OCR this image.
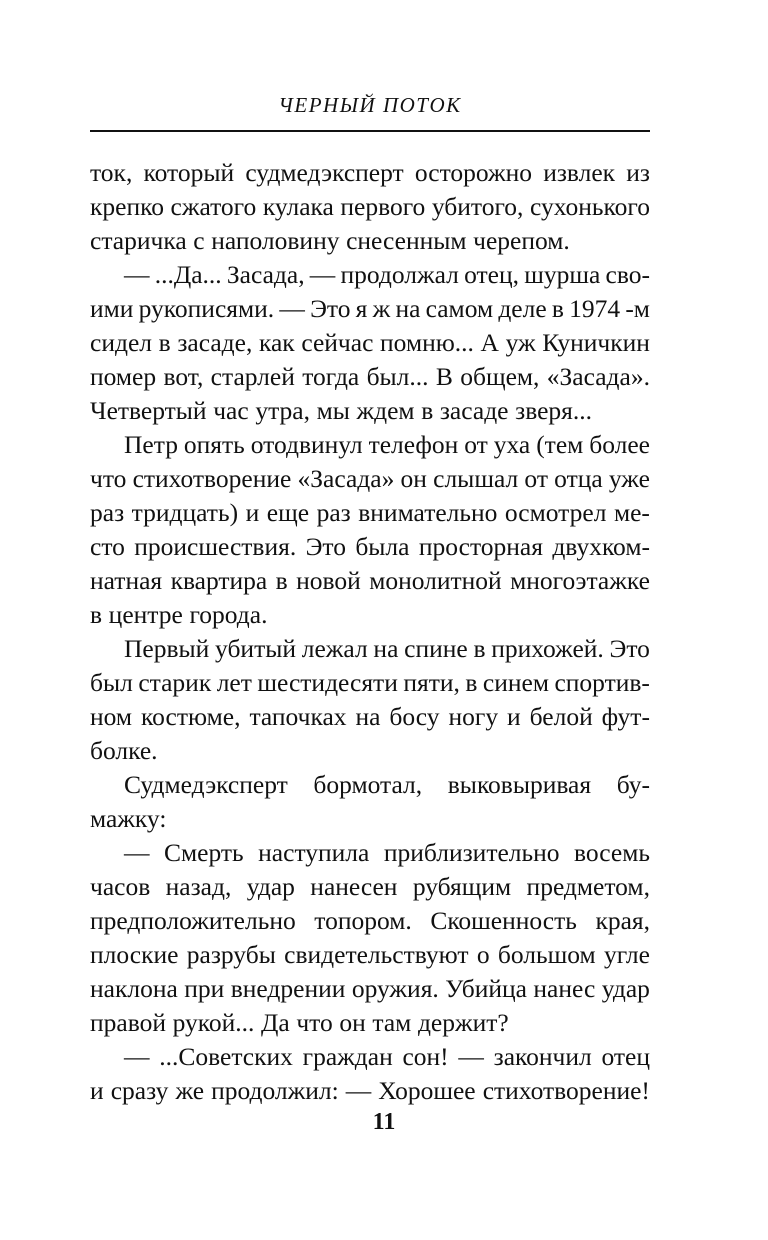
ЧЕРНЫЙ ПОТОК
ток, который судмедэксперт осторожно извлек из
крепко сжатого кулака первого убитого, сухонького
старичка с наполовину снесенным черепом.
— ...Да... Засада, — продолжал отец, шурша сво-
ими рукописями. — Это я ж на самом деле в 1974 -м
сидел в засаде, как сейчас помню... А уж Куничкин
помер вот, старлей тогда был... В общем, «Засада».
Четвертый час утра, мы ждем в засаде зверя...
Петр опять отодвинул телефон от уха (тем более
что стихотворение «Засада» он слышал от отца уже
раз тридцать) и еще раз внимательно осмотрел ме-
сто происшествия. Это была просторная двухком-
натная квартира в новой монолитной многоэтажке
в центре города.
Первый убитый лежал на спине в прихожей. Это
был старик лет шестидесяти пяти, в синем спортив-
ном костюме, тапочках на босу ногу и белой фут-
болке.
Судмедэксперт бормотал, выковыривая бу-
мажку:
— Смерть наступила приблизительно восемь
часов назад, удар нанесен рубящим предметом,
предположительно топором. Скошенность края,
плоские разрубы свидетельствуют о большом угле
наклона при внедрении оружия. Убийца нанес удар
правой рукой... Да что он там держит?
— ...Советских граждан сон! — закончил отец
и сразу же продолжил: — Хорошее стихотворение!
11
